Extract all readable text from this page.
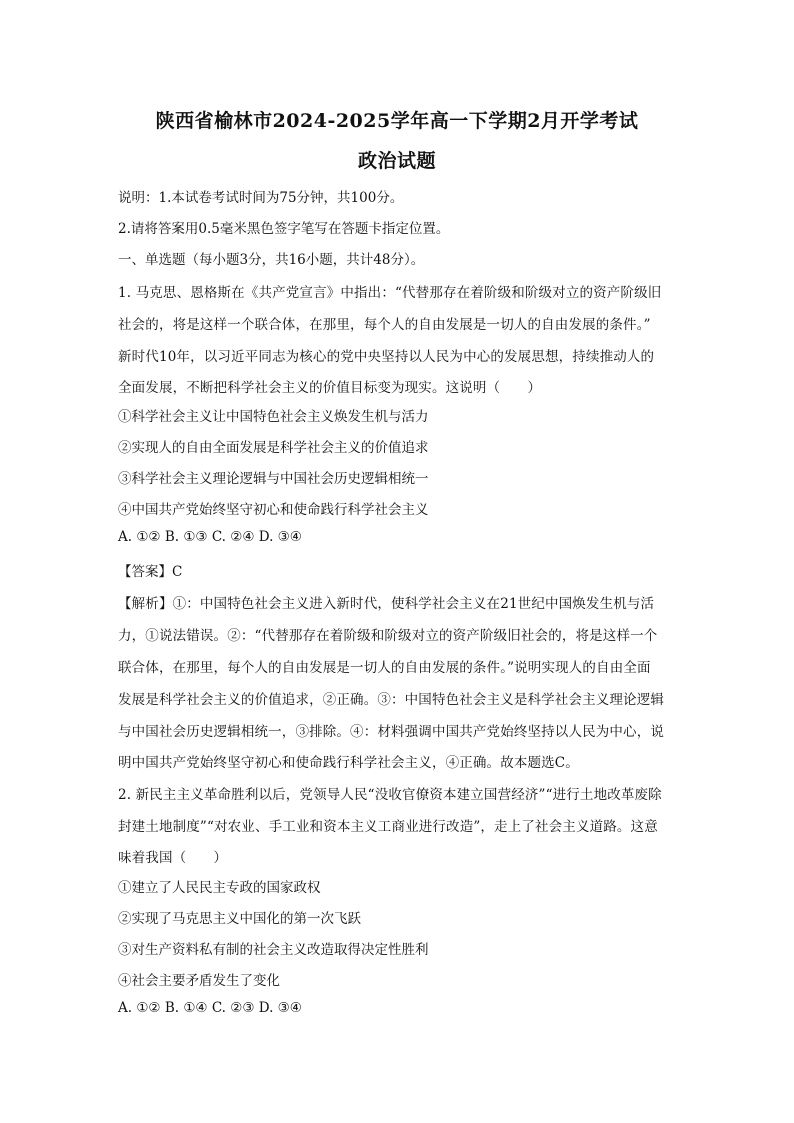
陕西省榆林市2024-2025学年高一下学期2月开学考试
政治试题
说明：1.本试卷考试时间为75分钟，共100分。
2.请将答案用0.5毫米黑色签字笔写在答题卡指定位置。
一、单选题（每小题3分，共16小题，共计48分）。
1. 马克思、恩格斯在《共产党宣言》中指出：“代替那存在着阶级和阶级对立的资产阶级旧
社会的，将是这样一个联合体，在那里，每个人的自由发展是一切人的自由发展的条件。”
新时代10年，以习近平同志为核心的党中央坚持以人民为中心的发展思想，持续推动人的
全面发展，不断把科学社会主义的价值目标变为现实。这说明（　　）
①科学社会主义让中国特色社会主义焕发生机与活力
②实现人的自由全面发展是科学社会主义的价值追求
③科学社会主义理论逻辑与中国社会历史逻辑相统一
④中国共产党始终坚守初心和使命践行科学社会主义
A. ①② B. ①③ C. ②④ D. ③④
【答案】C
【解析】①：中国特色社会主义进入新时代，使科学社会主义在21世纪中国焕发生机与活
力，①说法错误。②：“代替那存在着阶级和阶级对立的资产阶级旧社会的，将是这样一个
联合体，在那里，每个人的自由发展是一切人的自由发展的条件。”说明实现人的自由全面
发展是科学社会主义的价值追求，②正确。③：中国特色社会主义是科学社会主义理论逻辑
与中国社会历史逻辑相统一，③排除。④：材料强调中国共产党始终坚持以人民为中心，说
明中国共产党始终坚守初心和使命践行科学社会主义，④正确。故本题选C。
2. 新民主主义革命胜利以后，党领导人民“没收官僚资本建立国营经济”“进行土地改革废除
封建土地制度”“对农业、手工业和资本主义工商业进行改造”，走上了社会主义道路。这意
味着我国（　　）
①建立了人民民主专政的国家政权
②实现了马克思主义中国化的第一次飞跃
③对生产资料私有制的社会主义改造取得决定性胜利
④社会主要矛盾发生了变化
A. ①② B. ①④ C. ②③ D. ③④
